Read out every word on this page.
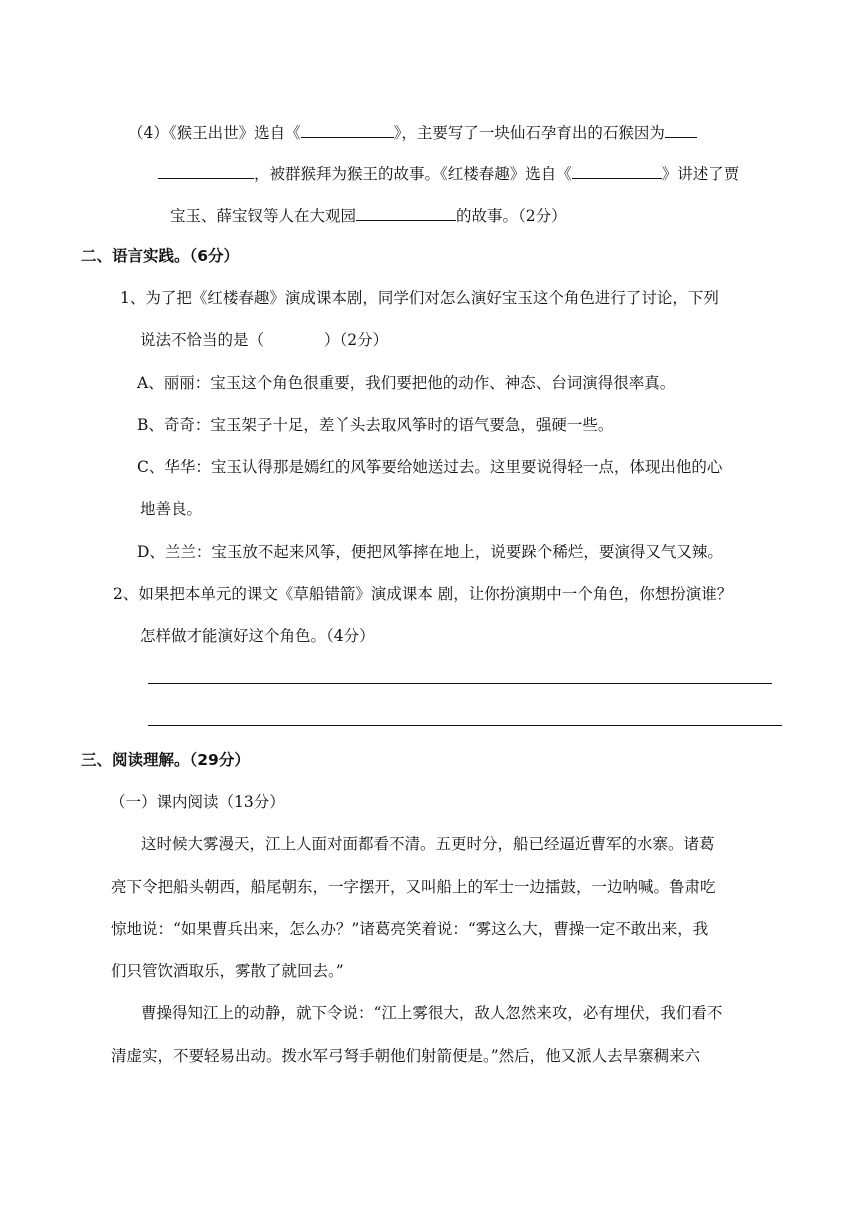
（4）《猴王出世》选自《	》，主要写了一块仙石孕育出的石猴因为
，被群猴拜为猴王的故事。《红楼春趣》选自《	》讲述了贾
宝玉、薛宝钗等人在大观园	的故事。（2分）
二、语言实践。（6分）
1、为了把《红楼春趣》演成课本剧，同学们对怎么演好宝玉这个角色进行了讨论，下列
说法不恰当的是（	）（2分）
A、丽丽：宝玉这个角色很重要，我们要把他的动作、神态、台词演得很率真。
B、奇奇：宝玉架子十足，差丫头去取风筝时的语气要急，强硬一些。
C、华华：宝玉认得那是嫣红的风筝要给她送过去。这里要说得轻一点，体现出他的心
地善良。
D、兰兰：宝玉放不起来风筝，便把风筝摔在地上，说要跺个稀烂，要演得又气又辣。
2、如果把本单元的课文《草船错箭》演成课本 剧，让你扮演期中一个角色，你想扮演谁？
怎样做才能演好这个角色。（4分）
三、阅读理解。（29分）
（一）课内阅读（13分）
这时候大雾漫天，江上人面对面都看不清。五更时分，船已经逼近曹军的水寨。诸葛
亮下令把船头朝西，船尾朝东，一字摆开，又叫船上的军士一边擂鼓，一边呐喊。鲁肃吃
惊地说：“如果曹兵出来，怎么办？”诸葛亮笑着说：“雾这么大，曹操一定不敢出来，我
们只管饮酒取乐，雾散了就回去。”
曹操得知江上的动静，就下令说：“江上雾很大，敌人忽然来攻，必有埋伏，我们看不
清虚实，不要轻易出动。拨水军弓弩手朝他们射箭便是。”然后，他又派人去旱寨稠来六
